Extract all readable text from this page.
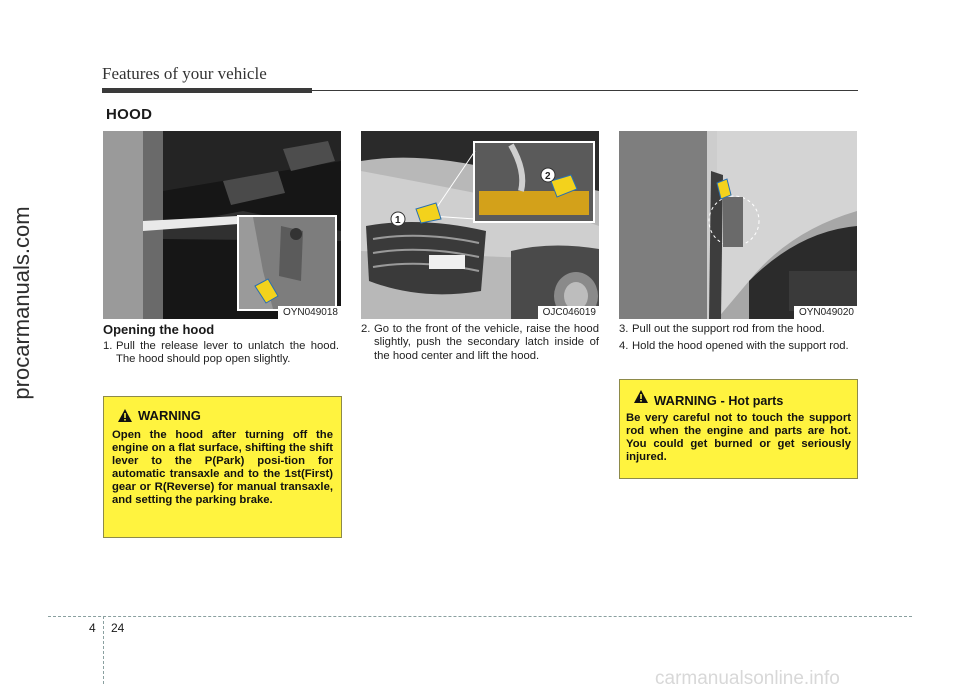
Features of your vehicle
HOOD
OYN049018
2
1
OJC046019	OYN049020
Opening the hood
1. Pull the release lever to unlatch the hood. The hood should pop open slightly.
WARNING
Open the hood after turning off the engine on a flat surface, shifting the shift lever to the P(Park) posi-tion for automatic transaxle and to the 1st(First) gear or R(Reverse) for manual transaxle, and setting the parking brake.
2. Go to the front of the vehicle, raise the hood slightly, push the secondary latch inside of the hood center and lift the hood.
3. Pull out the support rod from the hood.
4. Hold the hood opened with the support rod.
WARNING - Hot parts
Be very careful not to touch the support rod when the engine and parts are hot. You could get burned or get seriously injured.
4 24
procarmanuals.com
carmanualsonline.info
